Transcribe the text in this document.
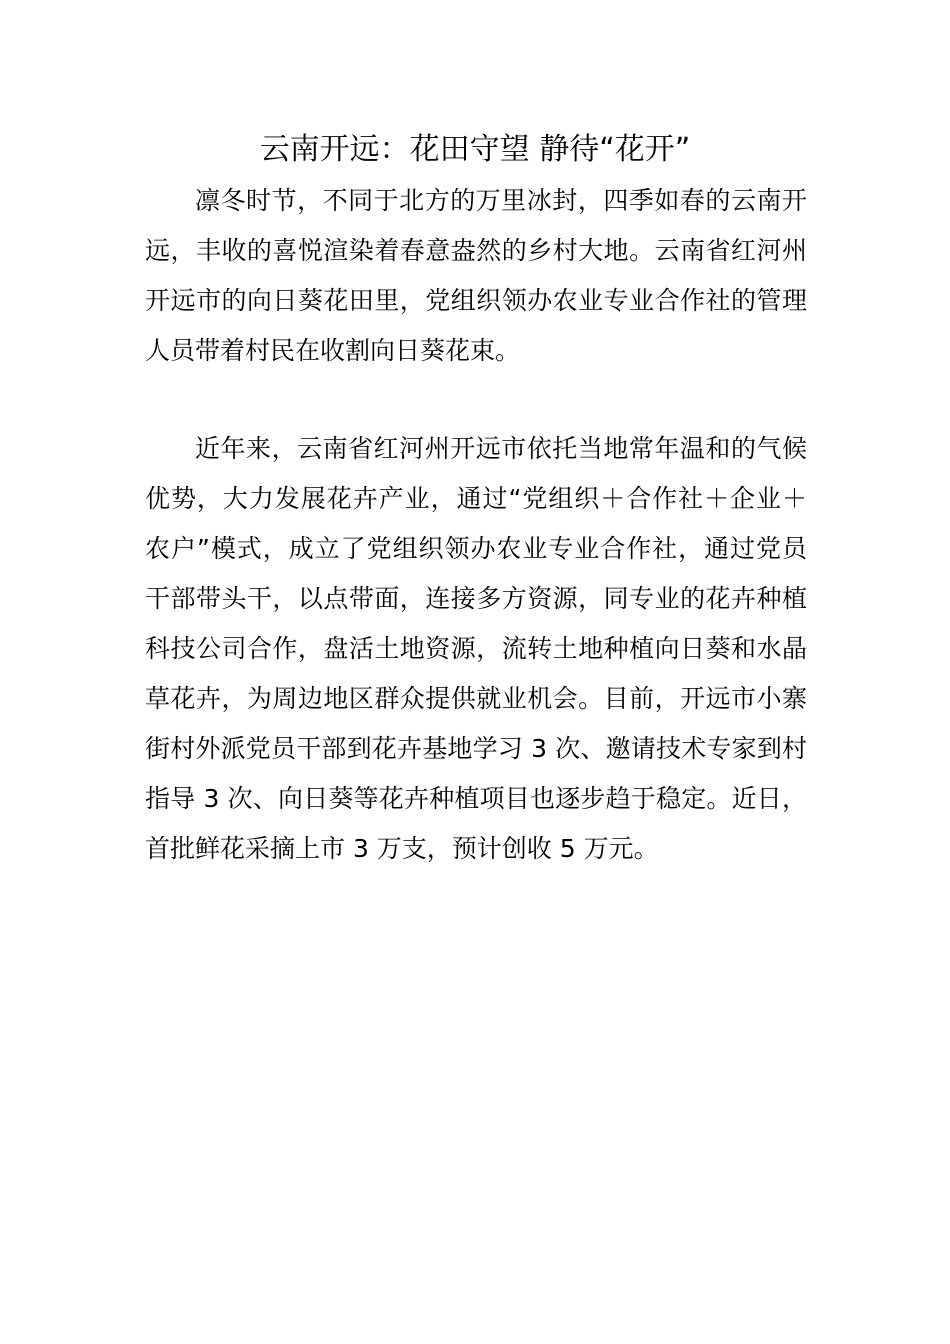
云南开远：花田守望 静待“花开”

凛冬时节，不同于北方的万里冰封，四季如春的云南开远，丰收的喜悦渲染着春意盎然的乡村大地。云南省红河州开远市的向日葵花田里，党组织领办农业专业合作社的管理人员带着村民在收割向日葵花束。

近年来，云南省红河州开远市依托当地常年温和的气候优势，大力发展花卉产业，通过“党组织＋合作社＋企业＋农户”模式，成立了党组织领办农业专业合作社，通过党员干部带头干，以点带面，连接多方资源，同专业的花卉种植科技公司合作，盘活土地资源，流转土地种植向日葵和水晶草花卉，为周边地区群众提供就业机会。目前，开远市小寨街村外派党员干部到花卉基地学习 3 次、邀请技术专家到村指导 3 次、向日葵等花卉种植项目也逐步趋于稳定。近日，首批鲜花采摘上市 3 万支，预计创收 5 万元。
